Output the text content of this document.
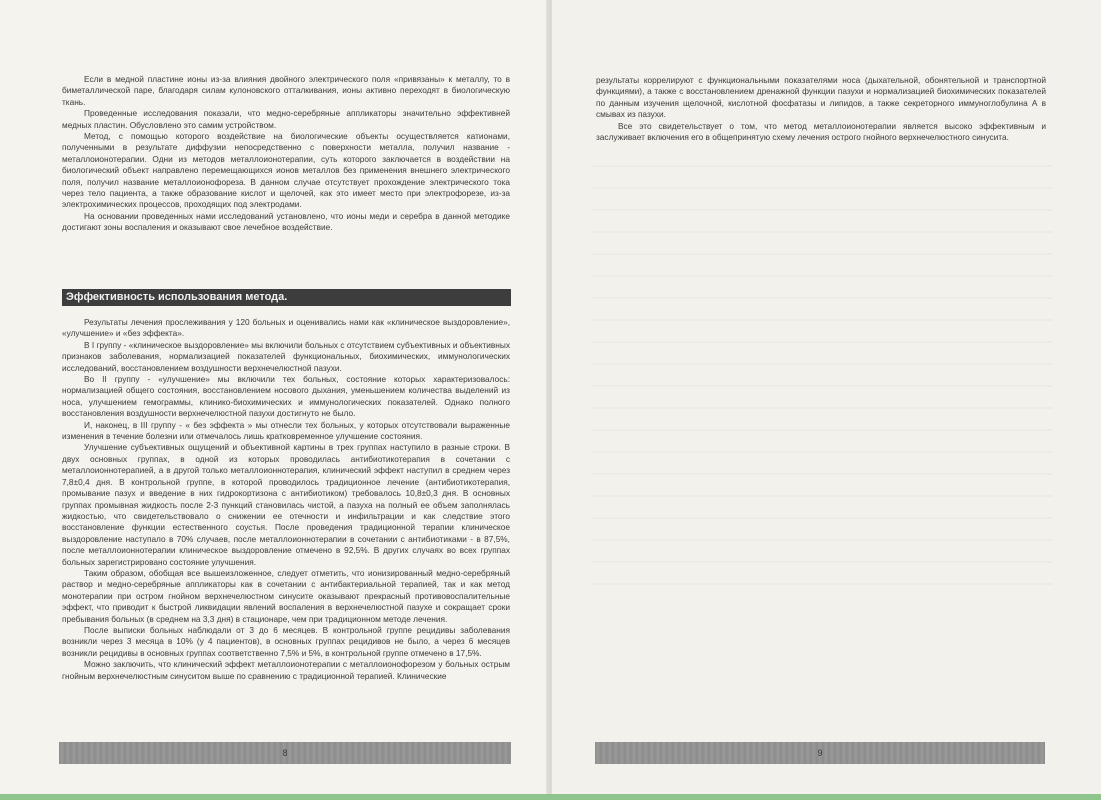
Если в медной пластине ионы из-за влияния двойного электрического поля «привязаны» к металлу, то в биметаллической паре, благодаря силам кулоновского отталкивания, ионы активно переходят в биологическую ткань.

Проведенные исследования показали, что медно-серебряные аппликаторы значительно эффективней медных пластин. Обусловлено это самим устройством.

Метод, с помощью которого воздействие на биологические объекты осуществляется катионами, полученными в результате диффузии непосредственно с поверхности металла, получил название - металлоионотерапии. Одни из методов металлоионотерапии, суть которого заключается в воздействии на биологический объект направлено перемещающихся ионов металлов без применения внешнего электрического поля, получил название металлоионофореза. В данном случае отсутствует прохождение электрического тока через тело пациента, а также образование кислот и щелочей, как это имеет место при электрофорезе, из-за электрохимических процессов, проходящих под электродами.

На основании проведенных нами исследований установлено, что ионы меди и серебра в данной методике достигают зоны воспаления и оказывают свое лечебное воздействие.

Эффективность использования метода.

Результаты лечения прослеживания у 120 больных и оценивались нами как «клиническое выздоровление», «улучшение» и «без эффекта».

В I группу - «клиническое выздоровление» мы включили больных с отсутствием субъективных и объективных признаков заболевания, нормализацией показателей функциональных, биохимических, иммунологических исследований, восстановлением воздушности верхнечелюстной пазухи.

Во II группу - «улучшение» мы включили тех больных, состояние которых характеризовалось: нормализацией общего состояния, восстановлением носового дыхания, уменьшением количества выделений из носа, улучшением гемограммы, клинико-биохимических и иммунологических показателей. Однако полного восстановления воздушности верхнечелюстной пазухи достигнуто не было.

И, наконец, в III группу - « без эффекта » мы отнесли тех больных, у которых отсутствовали выраженные изменения в течение болезни или отмечалось лишь кратковременное улучшение состояния.

Улучшение субъективных ощущений и объективной картины в трех группах наступило в разные строки. В двух основных группах, в одной из которых проводилась антибиотикотерапия в сочетании с металлоионнотерапией, а в другой только металлоионнотерапия, клинический эффект наступил в среднем через 7,8±0,4 дня. В контрольной группе, в которой проводилось традиционное лечение (антибиотикотерапия, промывание пазух и введение в них гидрокортизона с антибиотиком) требовалось 10,8±0,3 дня. В основных группах промывная жидкость после 2-3 пункций становилась чистой, а пазуха на полный ее объем заполнялась жидкостью, что свидетельствовало о снижении ее отечности и инфильтрации и как следствие этого восстановление функции естественного соустья. После проведения традиционной терапии клиническое выздоровление наступало в 70% случаев, после металлоионнотерапии в сочетании с антибиотиками - в 87,5%, после металлоионнотерапии клиническое выздоровление отмечено в 92,5%. В других случаях во всех группах больных зарегистрировано состояние улучшения.

Таким образом, обобщая все вышеизложенное, следует отметить, что ионизированный медно-серебряный раствор и медно-серебряные аппликаторы как в сочетании с антибактериальной терапией, так и как метод монотерапии при остром гнойном верхнечелюстном синусите оказывают прекрасный противовоспалительные эффект, что приводит к быстрой ликвидации явлений воспаления в верхнечелюстной пазухе и сокращает сроки пребывания больных (в среднем на 3,3 дня) в стационаре, чем при традиционном методе лечения.

После выписки больных наблюдали от 3 до 6 месяцев. В контрольной группе рецидивы заболевания возникли через 3 месяца в 10% (у 4 пациентов), в основных группах рецидивов не было, а через 6 месяцев возникли рецидивы в основных группах соответственно 7,5% и 5%, в контрольной группе отмечено в 17,5%.

Можно заключить, что клинический эффект металлоионотерапии с металлоионофорезом у больных острым гнойным верхнечелюстным синуситом выше по сравнению с традиционной терапией. Клинические

8

результаты коррелируют с функциональными показателями носа (дыхательной, обонятельной и транспортной функциями), а также с восстановлением дренажной функции пазухи и нормализацией биохимических показателей по данным изучения щелочной, кислотной фосфатазы и липидов, а также секреторного иммуноглобулина А в смывах из пазухи.

Все это свидетельствует о том, что метод металлоионотерапии является высоко эффективным и заслуживает включения его в общепринятую схему лечения острого гнойного верхнечелюстного синусита.

9
